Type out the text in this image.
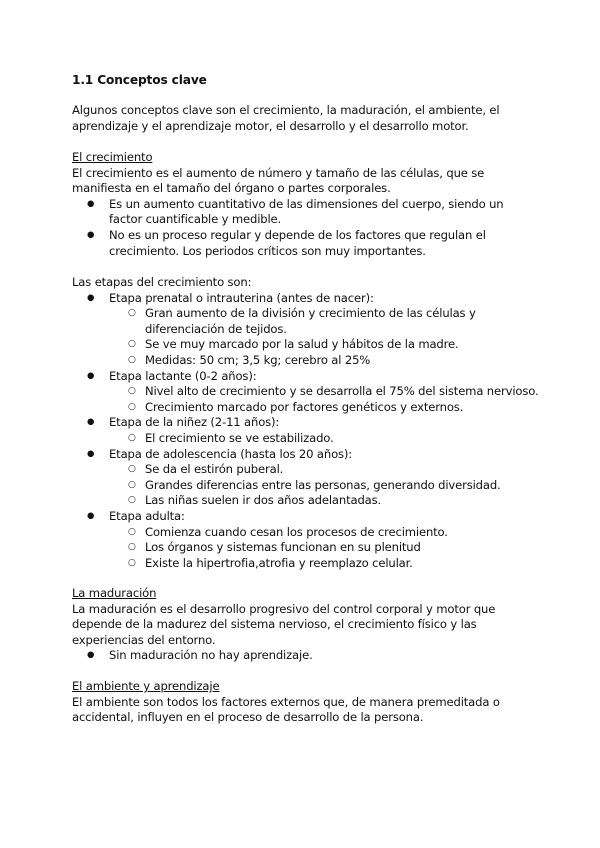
1.1 Conceptos clave

Algunos conceptos clave son el crecimiento, la maduración, el ambiente, el aprendizaje y el aprendizaje motor, el desarrollo y el desarrollo motor.

El crecimiento

El crecimiento es el aumento de número y tamaño de las células, que se manifiesta en el tamaño del órgano o partes corporales.

● Es un aumento cuantitativo de las dimensiones del cuerpo, siendo un factor cuantificable y medible.
● No es un proceso regular y depende de los factores que regulan el crecimiento. Los periodos críticos son muy importantes.

Las etapas del crecimiento son:

● Etapa prenatal o intrauterina (antes de nacer):
○ Gran aumento de la división y crecimiento de las células y diferenciación de tejidos.
○ Se ve muy marcado por la salud y hábitos de la madre.
○ Medidas: 50 cm; 3,5 kg; cerebro al 25%
● Etapa lactante (0-2 años):
○ Nivel alto de crecimiento y se desarrolla el 75% del sistema nervioso.
○ Crecimiento marcado por factores genéticos y externos.
● Etapa de la niñez (2-11 años):
○ El crecimiento se ve estabilizado.
● Etapa de adolescencia (hasta los 20 años):
○ Se da el estirón puberal.
○ Grandes diferencias entre las personas, generando diversidad.
○ Las niñas suelen ir dos años adelantadas.
● Etapa adulta:
○ Comienza cuando cesan los procesos de crecimiento.
○ Los órganos y sistemas funcionan en su plenitud
○ Existe la hipertrofia,atrofia y reemplazo celular.

La maduración

La maduración es el desarrollo progresivo del control corporal y motor que depende de la madurez del sistema nervioso, el crecimiento físico y las experiencias del entorno.

● Sin maduración no hay aprendizaje.

El ambiente y aprendizaje

El ambiente son todos los factores externos que, de manera premeditada o accidental, influyen en el proceso de desarrollo de la persona.
